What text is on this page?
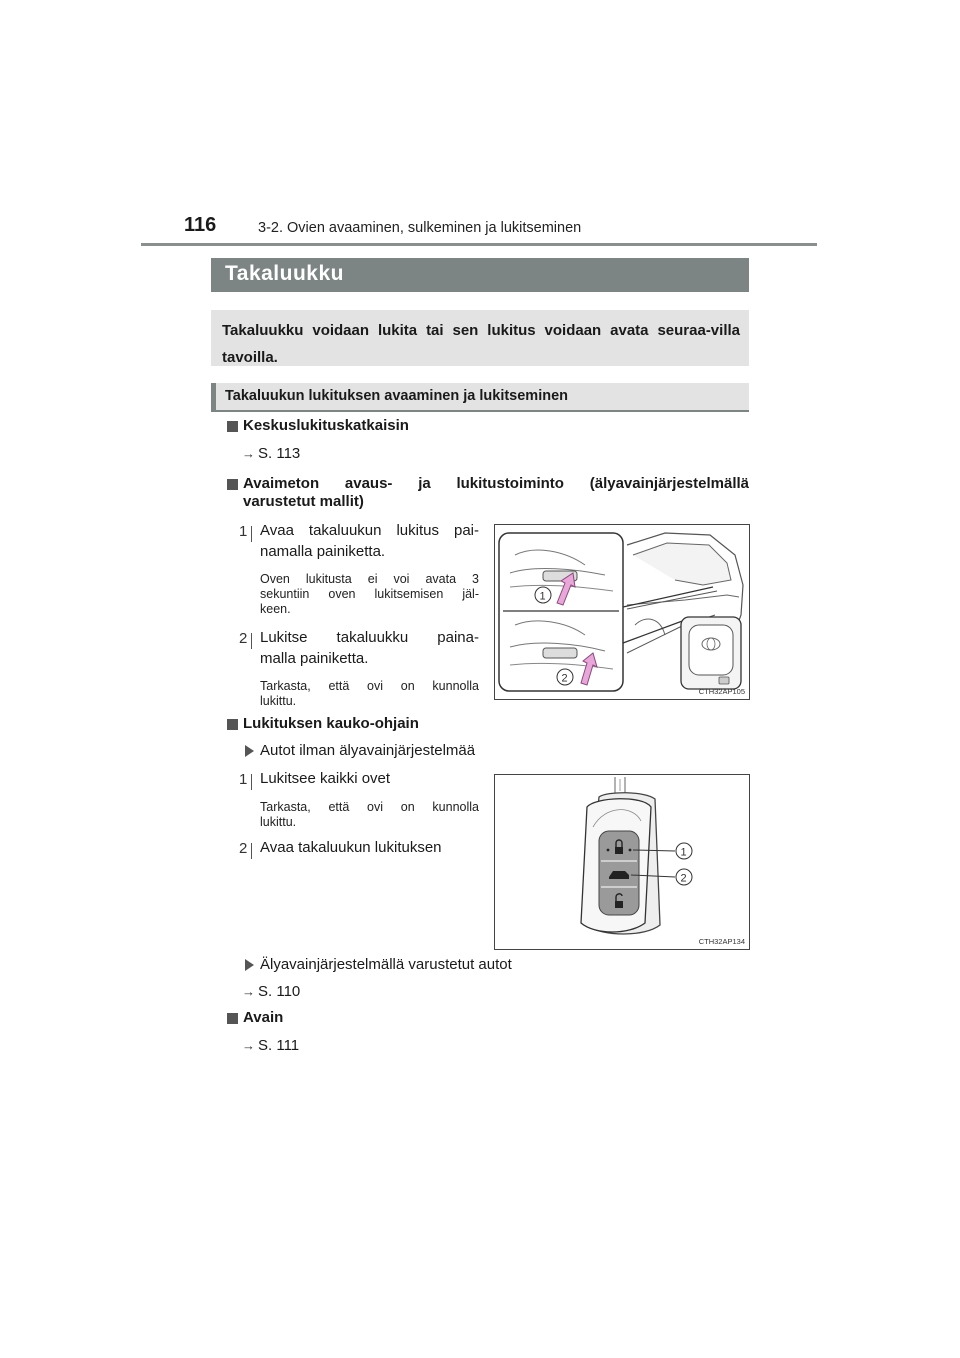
116	3-2. Ovien avaaminen, sulkeminen ja lukitseminen
Takaluukku
Takaluukku voidaan lukita tai sen lukitus voidaan avata seuraa-villa tavoilla.
Takaluukun lukituksen avaaminen ja lukitseminen
Keskuslukituskatkaisin
→ S. 113
Avaimeton avaus- ja lukitustoiminto (älyavainjärjestelmällä
varustetut mallit)
1 Avaa takaluukun lukitus pai-
namalla painiketta.
Oven lukitusta ei voi avata 3
sekuntiin oven lukitsemisen jäl-
keen.
2 Lukitse takaluukku paina-
malla painiketta.
Tarkasta, että ovi on kunnolla
lukittu.
1
2
CTH32AP105
Lukituksen kauko-ohjain
Autot ilman älyavainjärjestelmää
1 Lukitsee kaikki ovet
Tarkasta, että ovi on kunnolla
lukittu.
2 Avaa takaluukun lukituksen	1
2
CTH32AP134
Älyavainjärjestelmällä varustetut autot
→ S. 110
Avain
→ S. 111
